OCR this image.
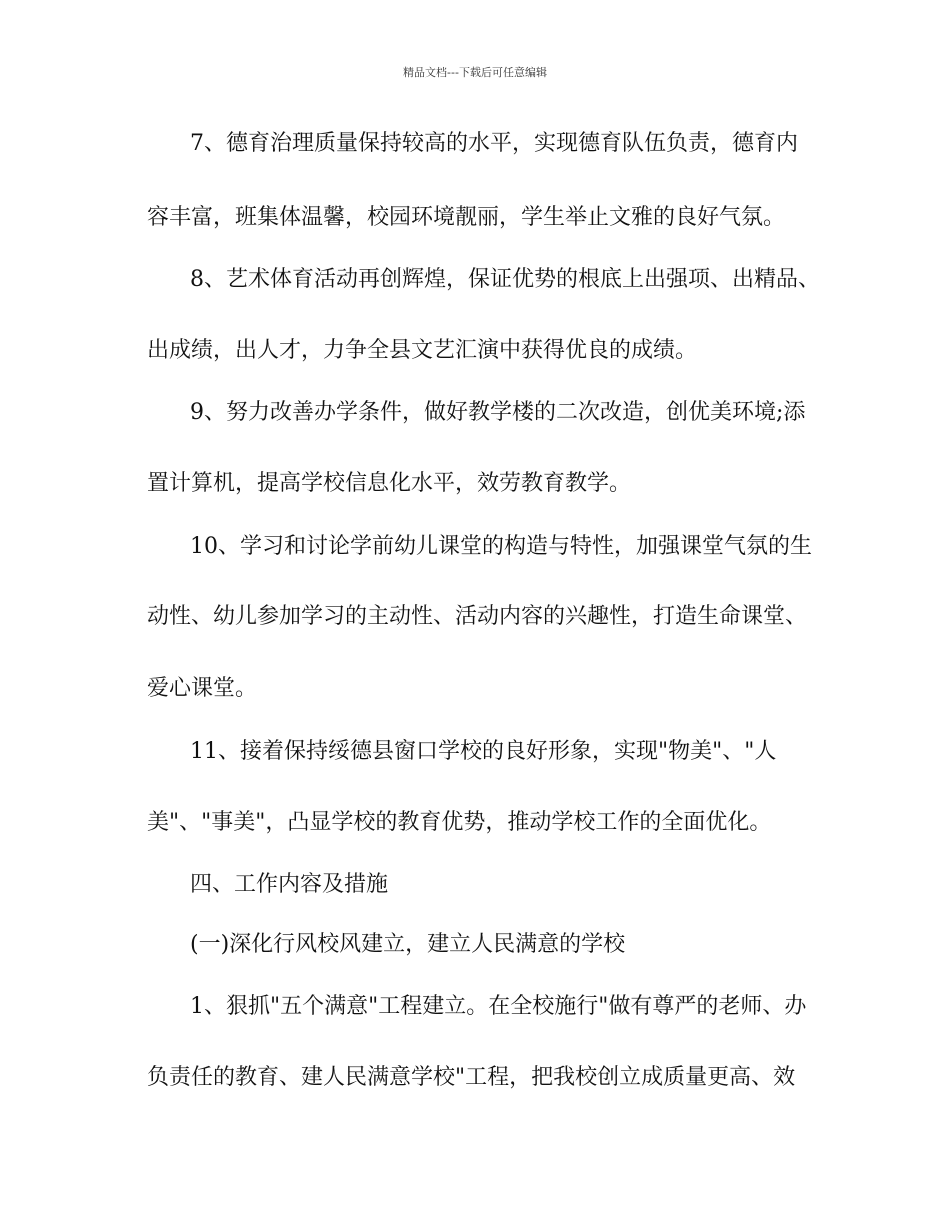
精品文档---下载后可任意编辑
7、德育治理质量保持较高的水平，实现德育队伍负责，德育内
容丰富，班集体温馨，校园环境靓丽，学生举止文雅的良好气氛。
8、艺术体育活动再创辉煌，保证优势的根底上出强项、出精品、
出成绩，出人才，力争全县文艺汇演中获得优良的成绩。
9、努力改善办学条件，做好教学楼的二次改造，创优美环境;添
置计算机，提高学校信息化水平，效劳教育教学。
10、学习和讨论学前幼儿课堂的构造与特性，加强课堂气氛的生
动性、幼儿参加学习的主动性、活动内容的兴趣性，打造生命课堂、
爱心课堂。
11、接着保持绥德县窗口学校的良好形象，实现"物美"、"人
美"、"事美"，凸显学校的教育优势，推动学校工作的全面优化。
四、工作内容及措施
(一)深化行风校风建立，建立人民满意的学校
1、狠抓"五个满意"工程建立。在全校施行"做有尊严的老师、办
负责任的教育、建人民满意学校"工程，把我校创立成质量更高、效
